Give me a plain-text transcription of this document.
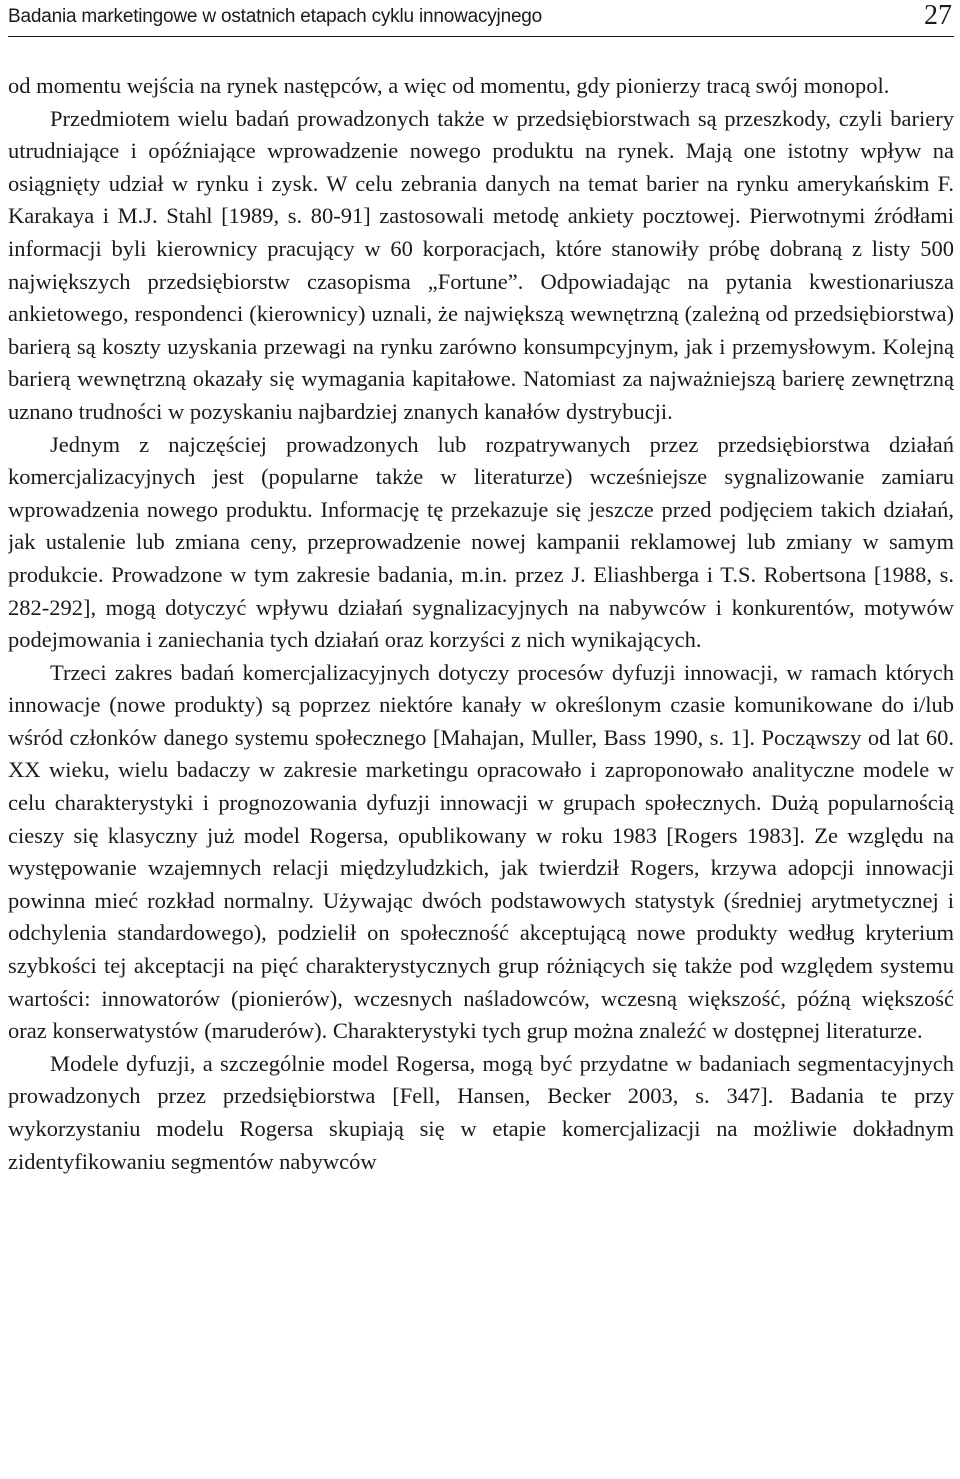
Badania marketingowe w ostatnich etapach cyklu innowacyjnego	27

od momentu wejścia na rynek następców, a więc od momentu, gdy pionierzy tracą swój monopol.

Przedmiotem wielu badań prowadzonych także w przedsiębiorstwach są przeszkody, czyli bariery utrudniające i opóźniające wprowadzenie nowego produktu na rynek. Mają one istotny wpływ na osiągnięty udział w rynku i zysk. W celu zebrania danych na temat barier na rynku amerykańskim F. Karakaya i M.J. Stahl [1989, s. 80-91] zastosowali metodę ankiety pocztowej. Pierwotnymi źródłami informacji byli kierownicy pracujący w 60 korporacjach, które stanowiły próbę dobraną z listy 500 największych przedsiębiorstw czasopisma „Fortune”. Odpowiadając na pytania kwestionariusza ankietowego, respondenci (kierownicy) uznali, że największą wewnętrzną (zależną od przedsiębiorstwa) barierą są koszty uzyskania przewagi na rynku zarówno konsumpcyjnym, jak i przemysłowym. Kolejną barierą wewnętrzną okazały się wymagania kapitałowe. Natomiast za najważniejszą barierę zewnętrzną uznano trudności w pozyskaniu najbardziej znanych kanałów dystrybucji.

Jednym z najczęściej prowadzonych lub rozpatrywanych przez przedsiębiorstwa działań komercjalizacyjnych jest (popularne także w literaturze) wcześniejsze sygnalizowanie zamiaru wprowadzenia nowego produktu. Informację tę przekazuje się jeszcze przed podjęciem takich działań, jak ustalenie lub zmiana ceny, przeprowadzenie nowej kampanii reklamowej lub zmiany w samym produkcie. Prowadzone w tym zakresie badania, m.in. przez J. Eliashberga i T.S. Robertsona [1988, s. 282-292], mogą dotyczyć wpływu działań sygnalizacyjnych na nabywców i konkurentów, motywów podejmowania i zaniechania tych działań oraz korzyści z nich wynikających.

Trzeci zakres badań komercjalizacyjnych dotyczy procesów dyfuzji innowacji, w ramach których innowacje (nowe produkty) są poprzez niektóre kanały w określonym czasie komunikowane do i/lub wśród członków danego systemu społecznego [Mahajan, Muller, Bass 1990, s. 1]. Począwszy od lat 60. XX wieku, wielu badaczy w zakresie marketingu opracowało i zaproponowało analityczne modele w celu charakterystyki i prognozowania dyfuzji innowacji w grupach społecznych. Dużą popularnością cieszy się klasyczny już model Rogersa, opublikowany w roku 1983 [Rogers 1983]. Ze względu na występowanie wzajemnych relacji międzyludzkich, jak twierdził Rogers, krzywa adopcji innowacji powinna mieć rozkład normalny. Używając dwóch podstawowych statystyk (średniej arytmetycznej i odchylenia standardowego), podzielił on społeczność akceptującą nowe produkty według kryterium szybkości tej akceptacji na pięć charakterystycznych grup różniących się także pod względem systemu wartości: innowatorów (pionierów), wczesnych naśladowców, wczesną większość, późną większość oraz konserwatystów (maruderów). Charakterystyki tych grup można znaleźć w dostępnej literaturze.

Modele dyfuzji, a szczególnie model Rogersa, mogą być przydatne w badaniach segmentacyjnych prowadzonych przez przedsiębiorstwa [Fell, Hansen, Becker 2003, s. 347]. Badania te przy wykorzystaniu modelu Rogersa skupiają się w etapie komercjalizacji na możliwie dokładnym zidentyfikowaniu segmentów nabywców
